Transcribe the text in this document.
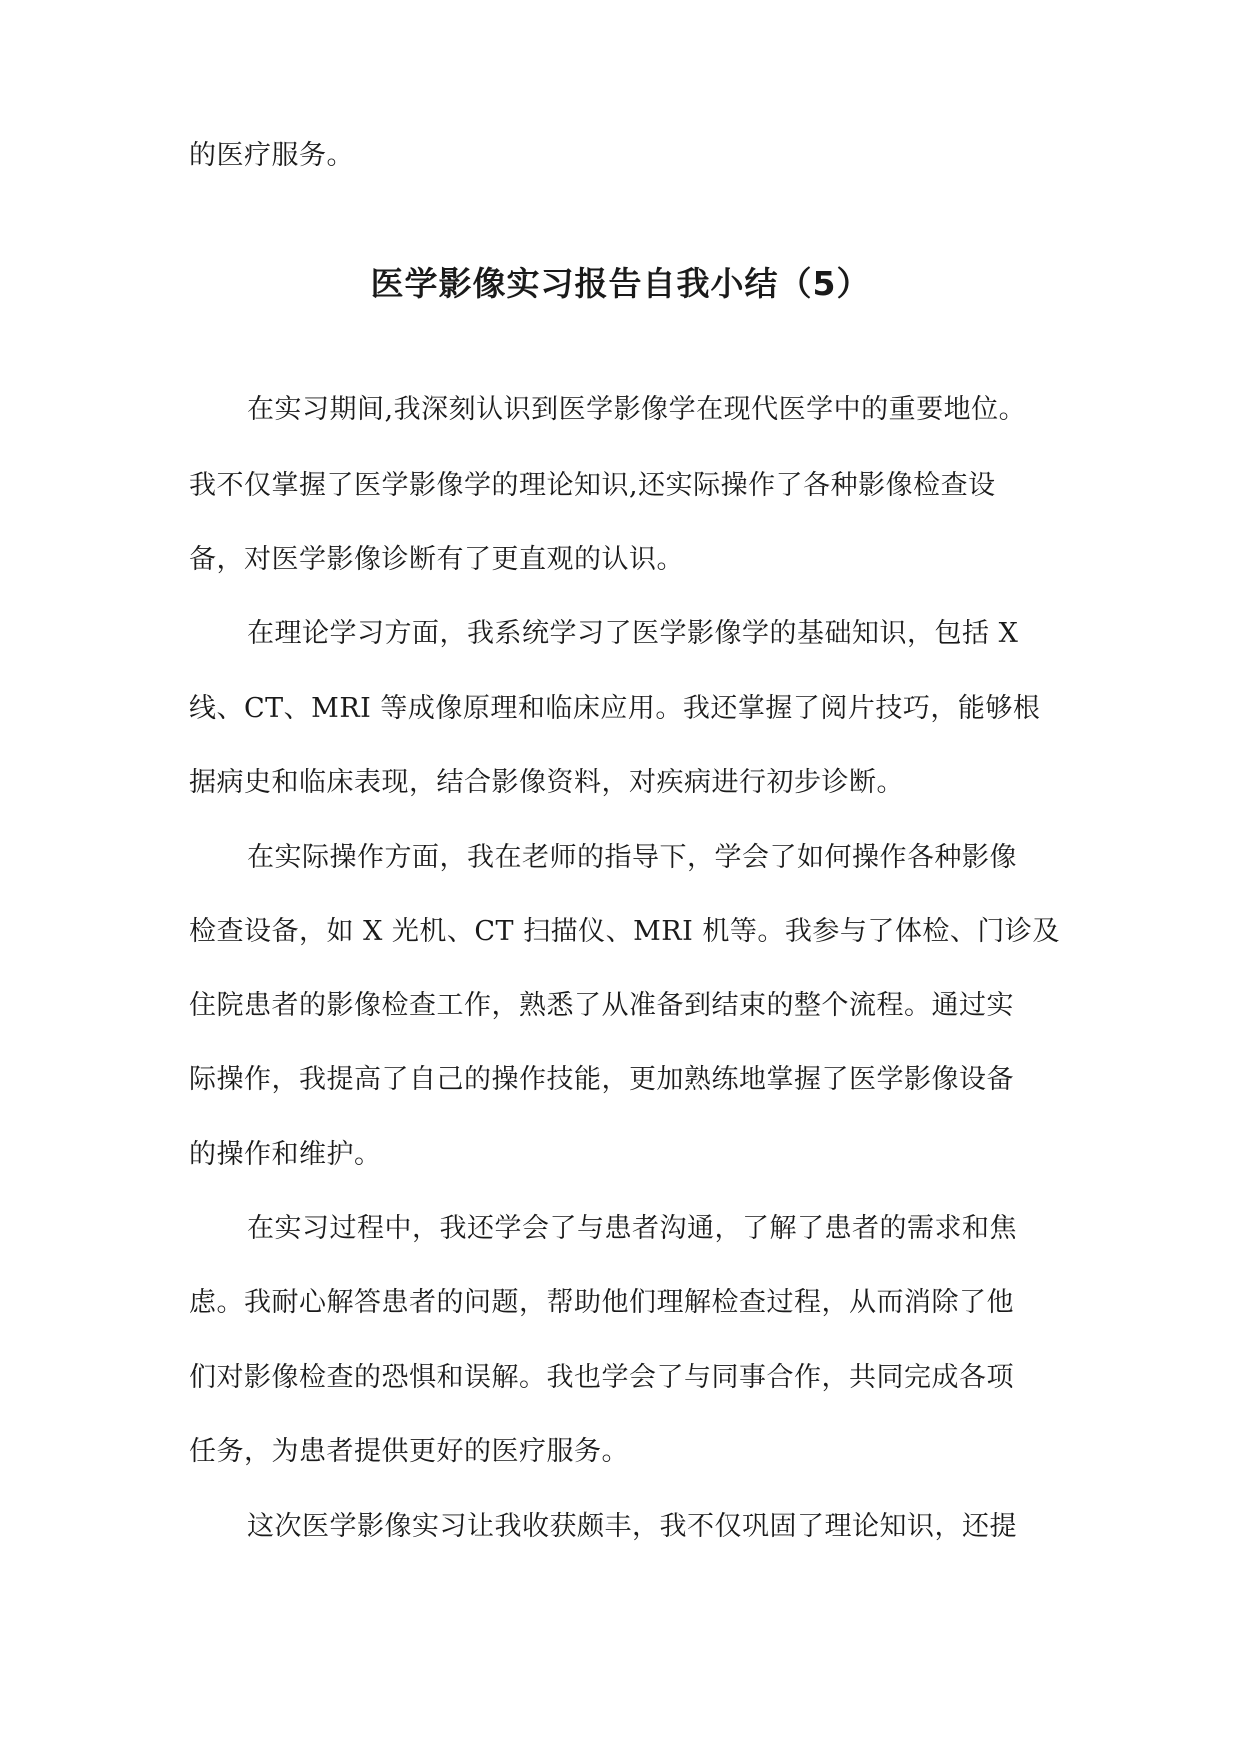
的医疗服务。
医学影像实习报告自我小结（5）
在实习期间,我深刻认识到医学影像学在现代医学中的重要地位。
我不仅掌握了医学影像学的理论知识,还实际操作了各种影像检查设
备，对医学影像诊断有了更直观的认识。
在理论学习方面，我系统学习了医学影像学的基础知识，包括 X
线、CT、MRI 等成像原理和临床应用。我还掌握了阅片技巧，能够根
据病史和临床表现，结合影像资料，对疾病进行初步诊断。
在实际操作方面，我在老师的指导下，学会了如何操作各种影像
检查设备，如 X 光机、CT 扫描仪、MRI 机等。我参与了体检、门诊及
住院患者的影像检查工作，熟悉了从准备到结束的整个流程。通过实
际操作，我提高了自己的操作技能，更加熟练地掌握了医学影像设备
的操作和维护。
在实习过程中，我还学会了与患者沟通，了解了患者的需求和焦
虑。我耐心解答患者的问题，帮助他们理解检查过程，从而消除了他
们对影像检查的恐惧和误解。我也学会了与同事合作，共同完成各项
任务，为患者提供更好的医疗服务。
这次医学影像实习让我收获颇丰，我不仅巩固了理论知识，还提
